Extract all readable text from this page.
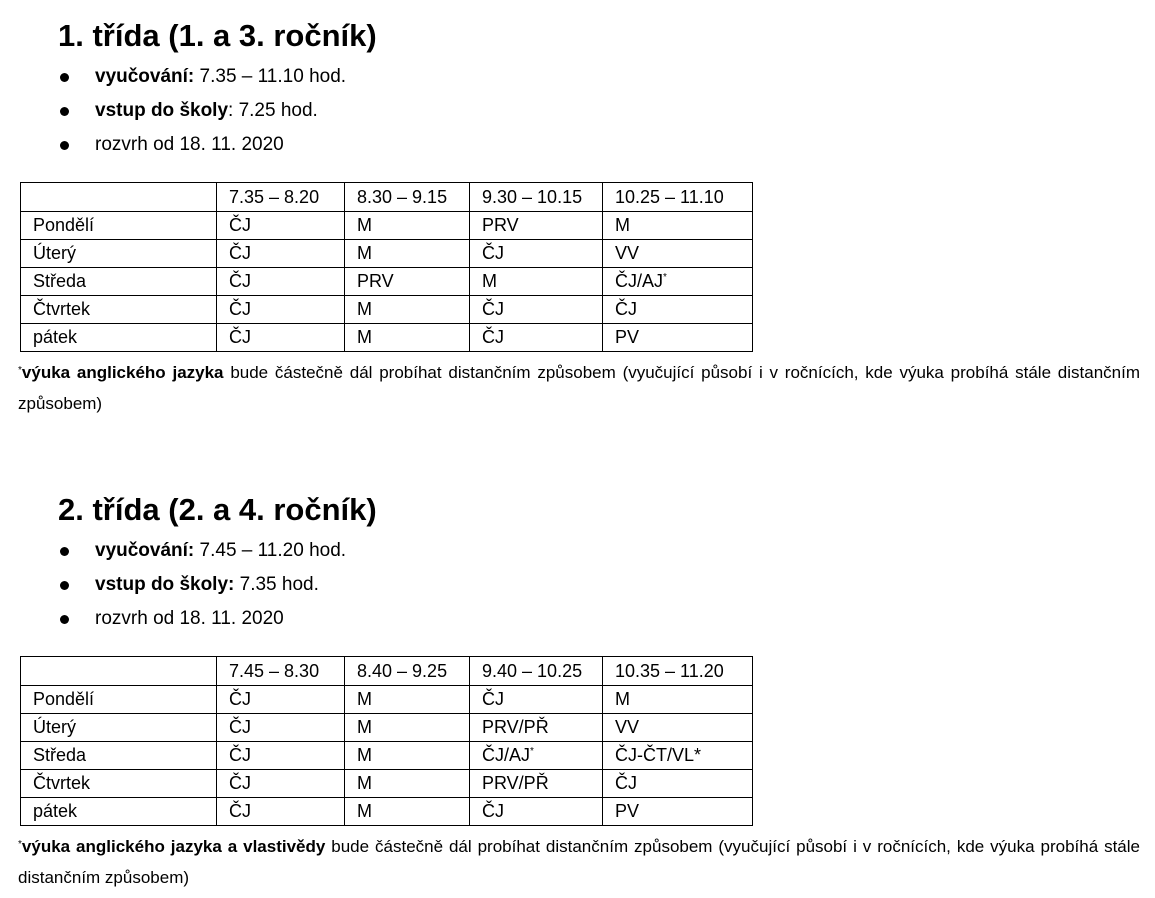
1. třída (1. a 3. ročník)
vyučování: 7.35 – 11.10 hod.
vstup do školy: 7.25 hod.
rozvrh od 18. 11. 2020
	7.35 – 8.20	8.30 – 9.15	9.30 – 10.15	10.25 – 11.10
Pondělí	ČJ	M	PRV	M
Úterý	ČJ	M	ČJ	VV
Středa	ČJ	PRV	M	ČJ/AJ*
Čtvrtek	ČJ	M	ČJ	ČJ
pátek	ČJ	M	ČJ	PV
*výuka anglického jazyka bude částečně dál probíhat distančním způsobem (vyučující působí i v ročnících, kde výuka probíhá stále distančním způsobem)
2. třída (2. a 4. ročník)
vyučování: 7.45 – 11.20 hod.
vstup do školy: 7.35 hod.
rozvrh od 18. 11. 2020
	7.45 – 8.30	8.40 – 9.25	9.40 – 10.25	10.35 – 11.20
Pondělí	ČJ	M	ČJ	M
Úterý	ČJ	M	PRV/PŘ	VV
Středa	ČJ	M	ČJ/AJ*	ČJ-ČT/VL*
Čtvrtek	ČJ	M	PRV/PŘ	ČJ
pátek	ČJ	M	ČJ	PV
*výuka anglického jazyka a vlastivědy bude částečně dál probíhat distančním způsobem (vyučující působí i v ročnících, kde výuka probíhá stále distančním způsobem)
